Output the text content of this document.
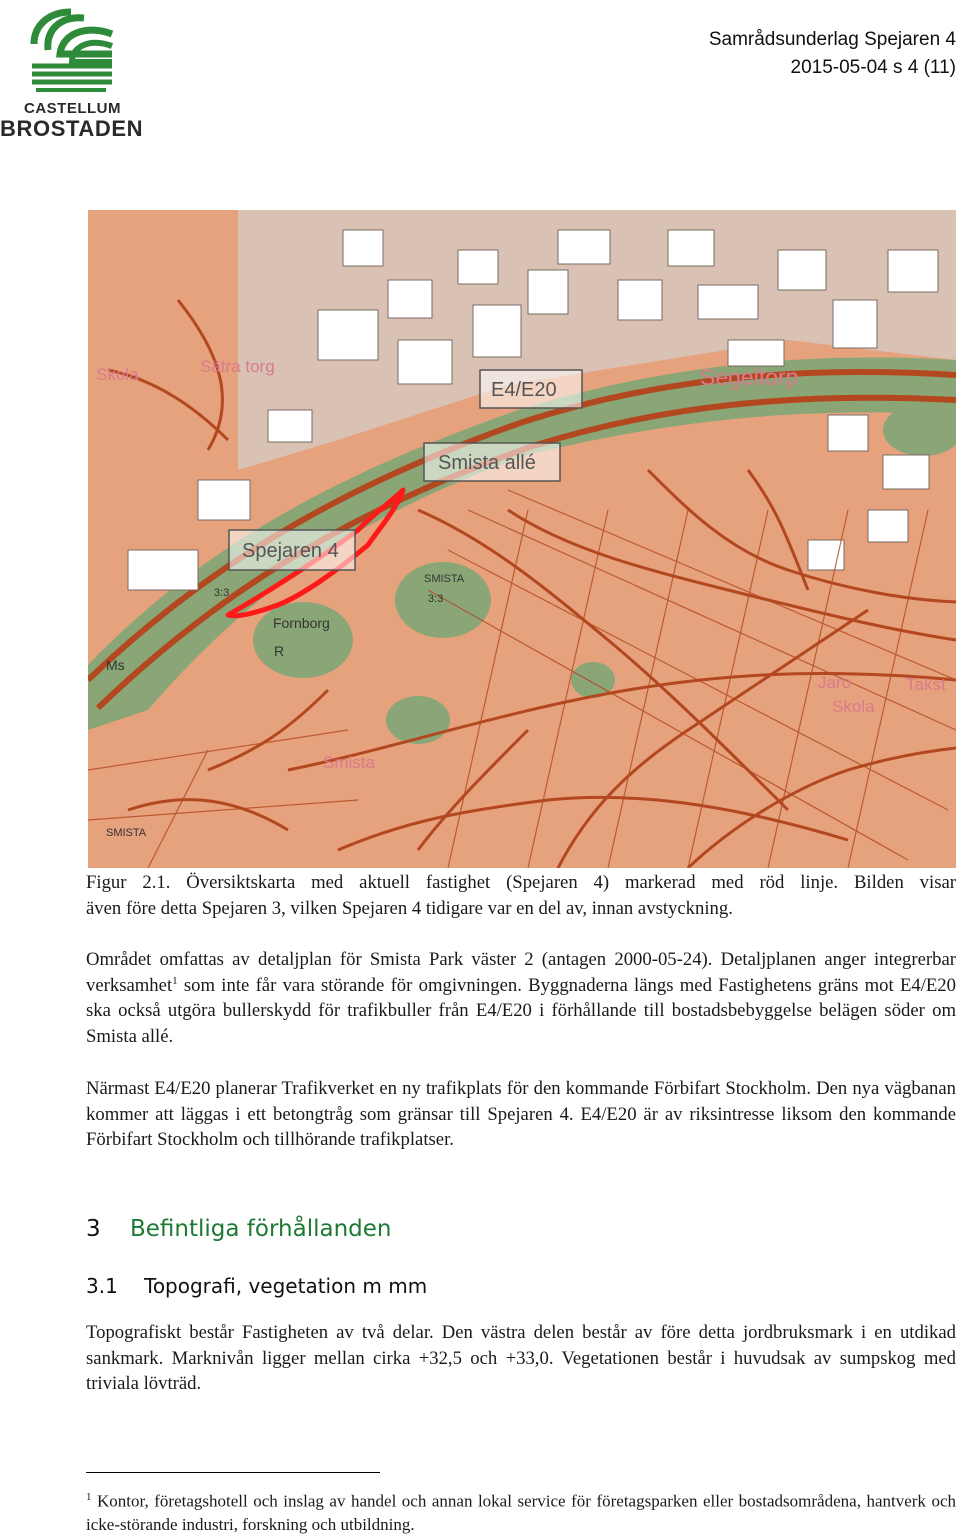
CASTELLUM
BROSTADEN
Samrådsunderlag Spejaren 4
2015-05-04 s 4 (11)
E4/E20
Smista allé
Spejaren 4
Skola	Sätra torg
Smista
Jaro
Skola
Takst
Segeltorp
SMISTA
3:3
3:3
SMISTA
Fornborg
R
Ms
Figur 2.1. Översiktskarta med aktuell fastighet (Spejaren 4) markerad med röd linje. Bilden visar
även före detta Spejaren 3, vilken Spejaren 4 tidigare var en del av, innan avstyckning.
Området omfattas av detaljplan för Smista Park väster 2 (antagen 2000-05-24). Detaljplanen anger integrerbar verksamhet$^1$ som inte får vara störande för omgivningen. Byggnaderna längs med Fastighetens gräns mot E4/E20 ska också utgöra bullerskydd för trafikbuller från E4/E20 i förhållande till bostadsbebyggelse belägen söder om Smista allé.
Närmast E4/E20 planerar Trafikverket en ny trafikplats för den kommande Förbifart Stockholm. Den nya vägbanan kommer att läggas i ett betongtråg som gränsar till Spejaren 4. E4/E20 är av riksintresse liksom den kommande Förbifart Stockholm och tillhörande trafikplatser.
3 Befintliga förhållanden
3.1 Topografi, vegetation m mm
Topografiskt består Fastigheten av två delar. Den västra delen består av före detta jordbruksmark i en utdikad sankmark. Marknivån ligger mellan cirka +32,5 och +33,0. Vegetationen består i huvudsak av sumpskog med triviala lövträd.
$^1$ Kontor, företagshotell och inslag av handel och annan lokal service för företagsparken eller bostadsområdena, hantverk och icke-störande industri, forskning och utbildning.
